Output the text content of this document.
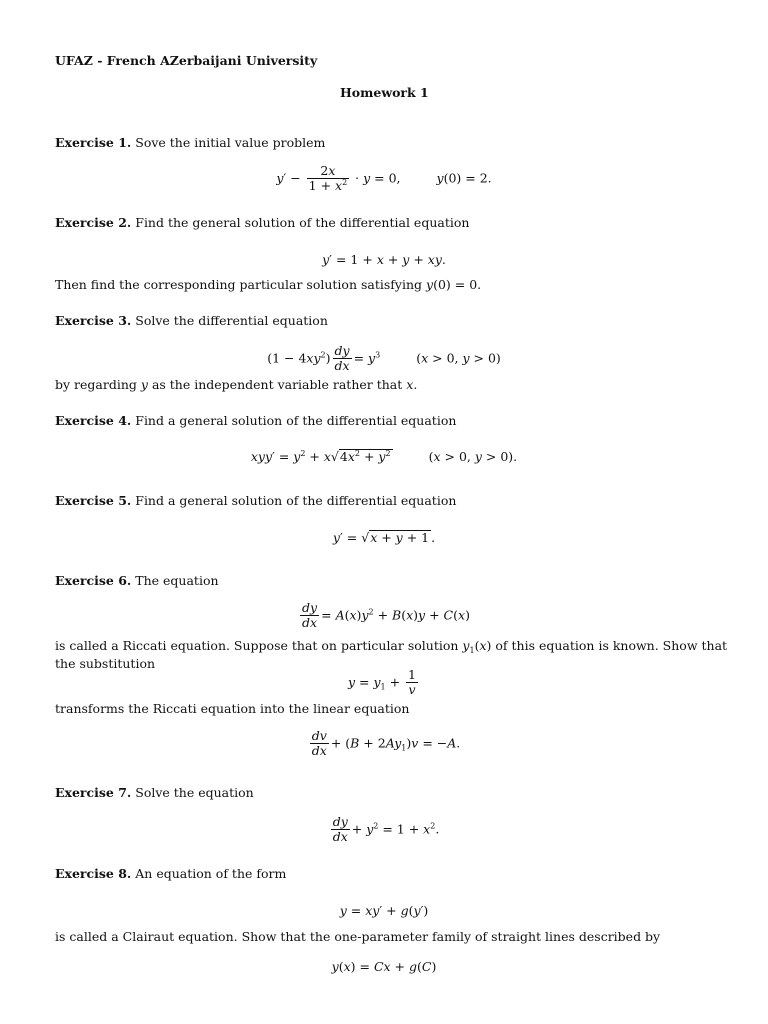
UFAZ - French AZerbaijani University
Homework 1
Exercise 1. Sove the initial value problem
$y' - \frac{2x}{1 + x^2} \cdot y = 0$,	y(0) = 2.
Exercise 2. Find the general solution of the differential equation
y′ = 1 + x + y + xy.
Then find the corresponding particular solution satisfying y(0) = 0.
Exercise 3. Solve the differential equation
$(1 - 4xy^2) \frac{dy}{dx} = y^3$	(x > 0, y > 0)
by regarding y as the independent variable rather that x.
Exercise 4. Find a general solution of the differential equation
$xyy' = y^2 + x√4x^2 + y^2$	(x > 0, y > 0).
Exercise 5. Find a general solution of the differential equation
y′ = √x + y + 1 .
Exercise 6. The equation
$\frac{dy}{dx} = A(x)y^2 + B(x)y + C(x)$
is called a Riccati equation. Suppose that on particular solution $y_1(x)$ of this equation is known. Show that
the substitution
$y = y_1 + \frac{1}{v}$
transforms the Riccati equation into the linear equation
$\frac{dv}{dx} + (B + 2Ay_1)v = -A$.
Exercise 7. Solve the equation
$\frac{dy}{dx} + y^2 = 1 + x^2$.
Exercise 8. An equation of the form
y = xy′ + g(y′)
is called a Clairaut equation. Show that the one-parameter family of straight lines described by
y(x) = Cx + g(C)
